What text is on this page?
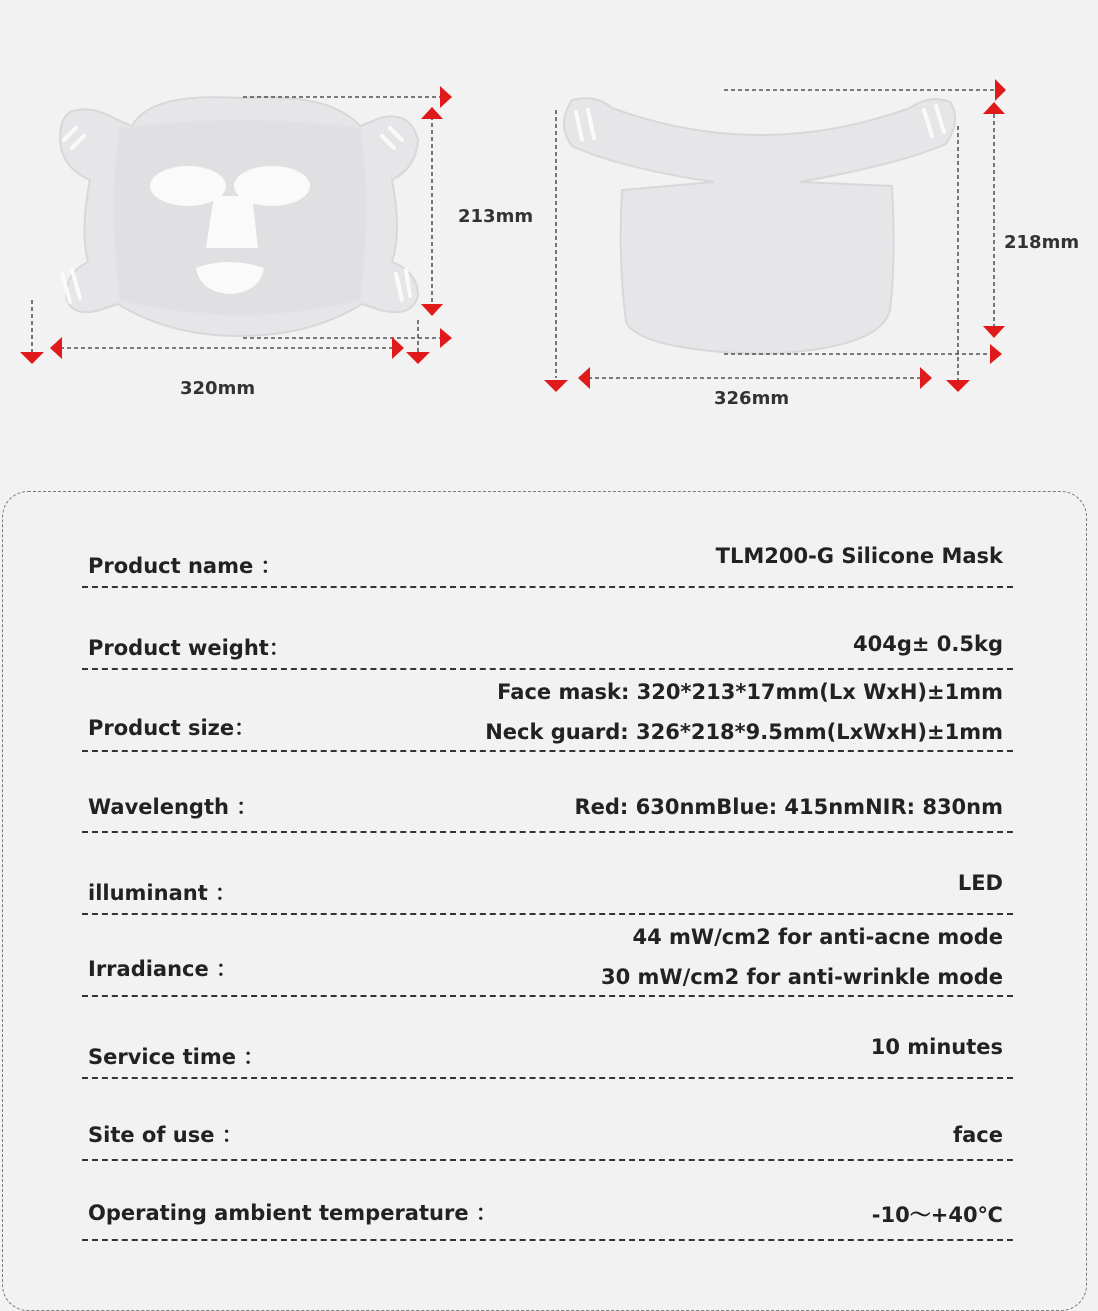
213mm
320mm
218mm
326mm
Product name ：	TLM200-G Silicone Mask
Product weight：	404g± 0.5kg
Product size：
Face mask: 320*213*17mm(Lx WxH)±1mm
Neck guard: 326*218*9.5mm(LxWxH)±1mm
Wavelength ：	Red: 630nmBlue: 415nmNIR: 830nm
illuminant ：	LED
Irradiance ：
44 mW/cm2 for anti-acne mode
30 mW/cm2 for anti-wrinkle mode
Service time ：	10 minutes
Site of use ：	face
Operating ambient temperature ：	-10～+40℃
